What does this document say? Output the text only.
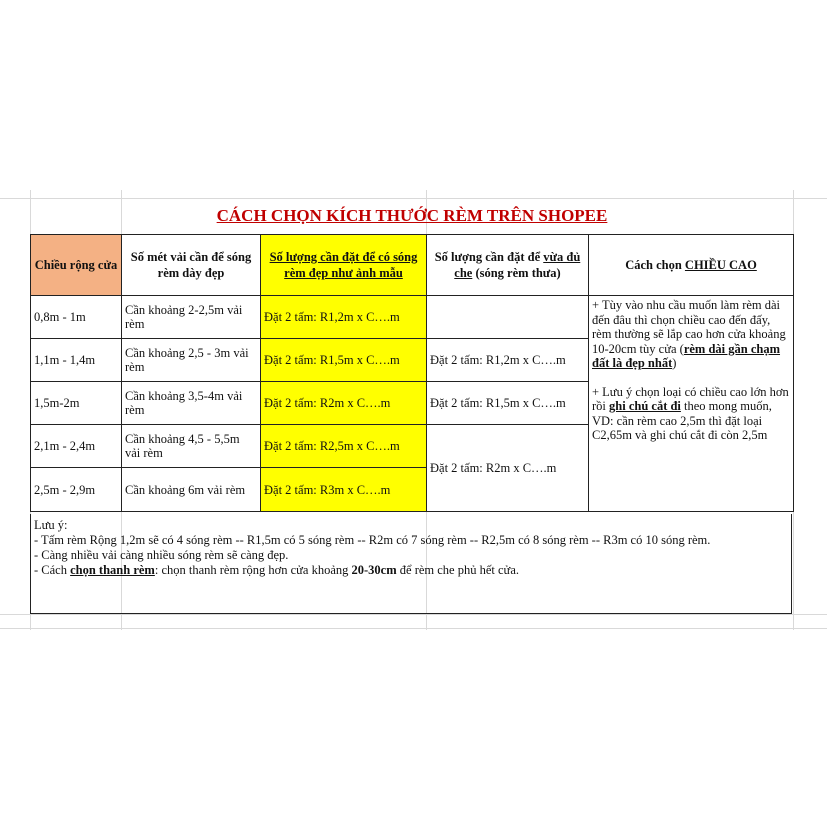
CÁCH CHỌN KÍCH THƯỚC RÈM TRÊN SHOPEE
Chiều rộng cửa	Số mét vải cần để sóng rèm dày đẹp	Số lượng cần đặt để có sóng rèm đẹp như ảnh mẫu	Số lượng cần đặt để vừa đủ che (sóng rèm thưa)	Cách chọn CHIỀU CAO
0,8m - 1m	Cần khoảng 2-2,5m vải rèm	Đặt 2 tấm: R1,2m x C….m		+ Tùy vào nhu cầu muốn làm rèm dài đến đâu thì chọn chiều cao đến đấy, rèm thường sẽ lắp cao hơn cửa khoảng 10-20cm tùy cửa (rèm dài gần chạm đất là đẹp nhất)

+ Lưu ý chọn loại có chiều cao lớn hơn rồi ghi chú cắt đi theo mong muốn, VD: cần rèm cao 2,5m thì đặt loại C2,65m và ghi chú cắt đi còn 2,5m

1,1m - 1,4m	Cần khoảng 2,5 - 3m vải rèm	Đặt 2 tấm: R1,5m x C….m	Đặt 2 tấm: R1,2m x C….m	
1,5m-2m	Cần khoảng 3,5-4m vải rèm	Đặt 2 tấm: R2m x C….m	Đặt 2 tấm: R1,5m x C….m	
2,1m - 2,4m	Cần khoảng 4,5 - 5,5m vải rèm	Đặt 2 tấm: R2,5m x C….m	Đặt 2 tấm: R2m x C….m	
2,5m - 2,9m	Cần khoảng 6m vải rèm	Đặt 2 tấm: R3m x C….m		

Lưu ý:

- Tấm rèm Rộng 1,2m sẽ có 4 sóng rèm -- R1,5m có 5 sóng rèm -- R2m có 7 sóng rèm -- R2,5m có 8 sóng rèm -- R3m có 10 sóng rèm.

- Càng nhiều vải càng nhiều sóng rèm sẽ càng đẹp.

- Cách chọn thanh rèm: chọn thanh rèm rộng hơn cửa khoảng 20-30cm để rèm che phủ hết cửa.
